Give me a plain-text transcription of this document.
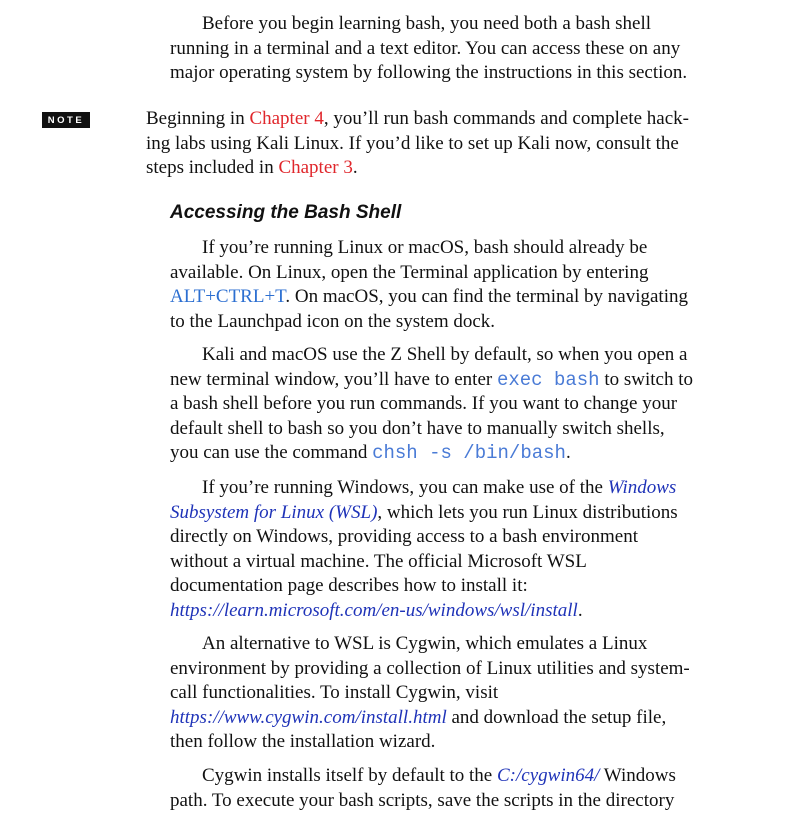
Before you begin learning bash, you need both a bash shell
running in a terminal and a text editor. You can access these on any
major operating system by following the instructions in this section.

NOTE	Beginning in Chapter 4, you’ll run bash commands and complete hack-
ing labs using Kali Linux. If you’d like to set up Kali now, consult the
steps included in Chapter 3.

Accessing the Bash Shell

If you’re running Linux or macOS, bash should already be
available. On Linux, open the Terminal application by entering
ALT+CTRL+T. On macOS, you can find the terminal by navigating
to the Launchpad icon on the system dock.

Kali and macOS use the Z Shell by default, so when you open a
new terminal window, you’ll have to enter exec bash to switch to
a bash shell before you run commands. If you want to change your
default shell to bash so you don’t have to manually switch shells,
you can use the command chsh -s /bin/bash.

If you’re running Windows, you can make use of the Windows
Subsystem for Linux (WSL), which lets you run Linux distributions
directly on Windows, providing access to a bash environment
without a virtual machine. The official Microsoft WSL
documentation page describes how to install it:
https://learn.microsoft.com/en-us/windows/wsl/install.

An alternative to WSL is Cygwin, which emulates a Linux
environment by providing a collection of Linux utilities and system-
call functionalities. To install Cygwin, visit
https://www.cygwin.com/install.html and download the setup file,
then follow the installation wizard.

Cygwin installs itself by default to the C:/cygwin64/ Windows
path. To execute your bash scripts, save the scripts in the directory
